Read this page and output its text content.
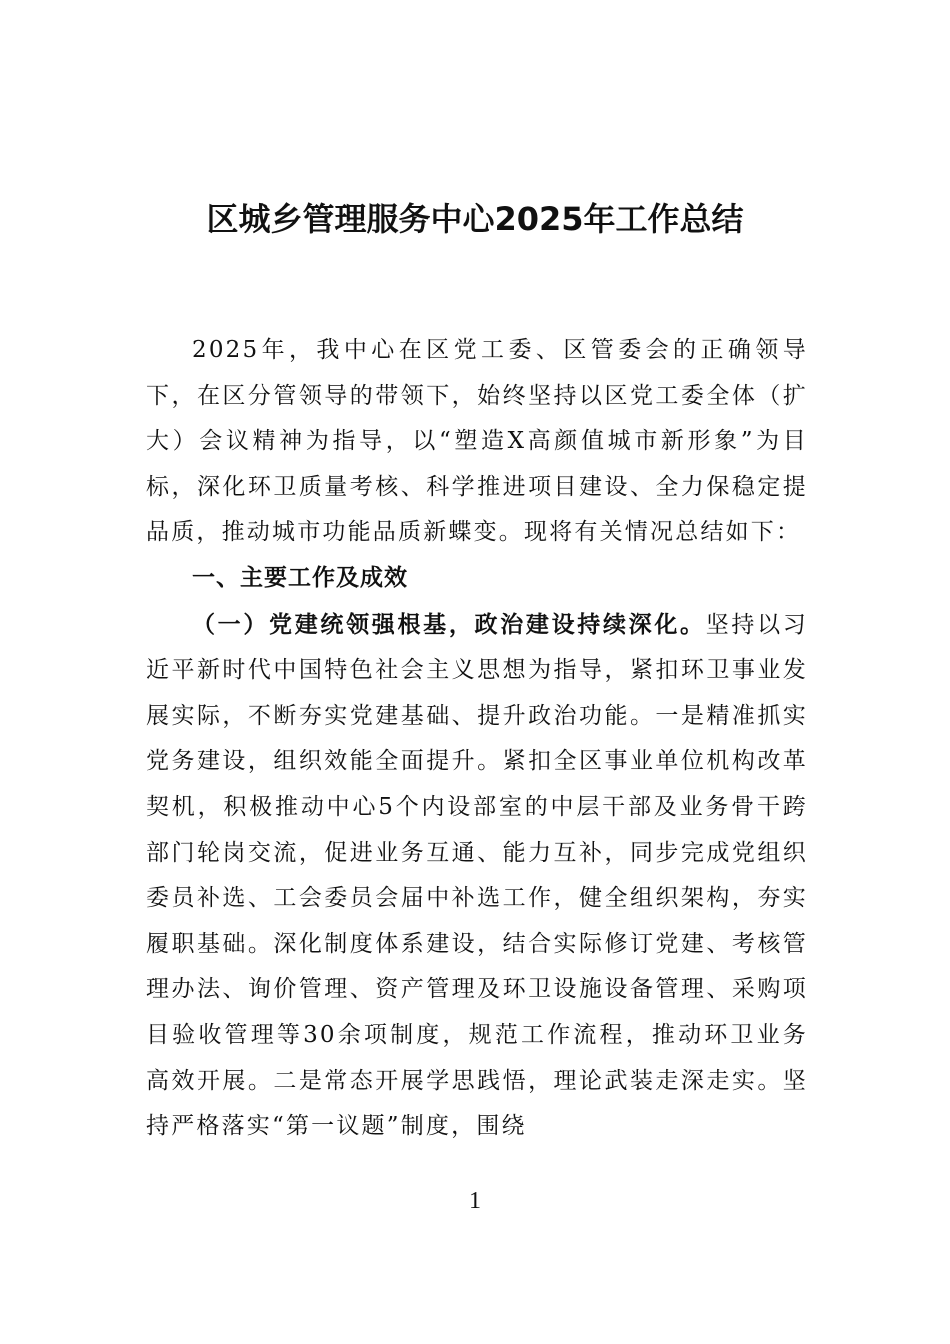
区城乡管理服务中心2025年工作总结

2025年，我中心在区党工委、区管委会的正确领导下，在区分管领导的带领下，始终坚持以区党工委全体（扩大）会议精神为指导，以“塑造X高颜值城市新形象”为目标，深化环卫质量考核、科学推进项目建设、全力保稳定提品质，推动城市功能品质新蝶变。现将有关情况总结如下：

一、主要工作及成效

（一）党建统领强根基，政治建设持续深化。坚持以习近平新时代中国特色社会主义思想为指导，紧扣环卫事业发展实际，不断夯实党建基础、提升政治功能。一是精准抓实党务建设，组织效能全面提升。紧扣全区事业单位机构改革契机，积极推动中心5个内设部室的中层干部及业务骨干跨部门轮岗交流，促进业务互通、能力互补，同步完成党组织委员补选、工会委员会届中补选工作，健全组织架构，夯实履职基础。深化制度体系建设，结合实际修订党建、考核管理办法、询价管理、资产管理及环卫设施设备管理、采购项目验收管理等30余项制度，规范工作流程，推动环卫业务高效开展。二是常态开展学思践悟，理论武装走深走实。坚持严格落实“第一议题”制度，围绕

1
